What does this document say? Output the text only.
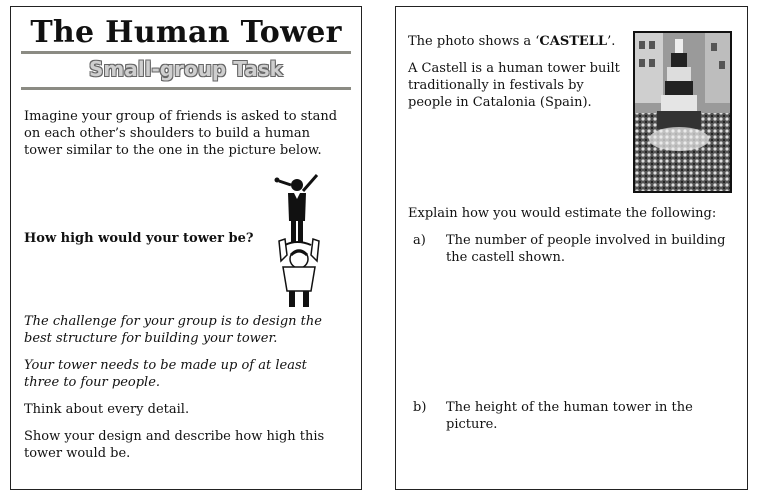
The Human Tower
Small-group Task
Imagine your group of friends is asked to stand on each other’s shoulders to build a human tower similar to the one in the picture below.
How high would your tower be?
The challenge for your group is to design the best structure for building your tower.
Your tower needs to be made up of at least three to four people.
Think about every detail.
Show your design and describe how high this tower would be.
The photo shows a ‘CASTELL’.
A Castell is a human tower built traditionally in festivals by people in Catalonia (Spain).
Explain how you would estimate the following:
a)	The number of people involved in building the castell shown.
b)	The height of the human tower in the picture.
